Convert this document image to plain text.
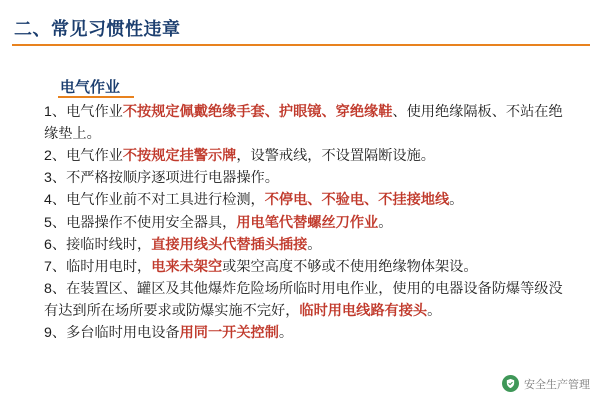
二、常见习惯性违章
电气作业

1、电气作业不按规定佩戴绝缘手套、护眼镜、穿绝缘鞋、使用绝缘隔板、不站在绝缘垫上。

2、电气作业不按规定挂警示牌，设警戒线，不设置隔断设施。

3、不严格按顺序逐项进行电器操作。

4、电气作业前不对工具进行检测，不停电、不验电、不挂接地线。

5、电器操作不使用安全器具，用电笔代替螺丝刀作业。

6、接临时线时，直接用线头代替插头插接。

7、临时用电时，电来未架空或架空高度不够或不使用绝缘物体架设。

8、在装置区、罐区及其他爆炸危险场所临时用电作业，使用的电器设备防爆等级没有达到所在场所要求或防爆实施不完好，临时用电线路有接头。

9、多台临时用电设备用同一开关控制。

安全生产管理
